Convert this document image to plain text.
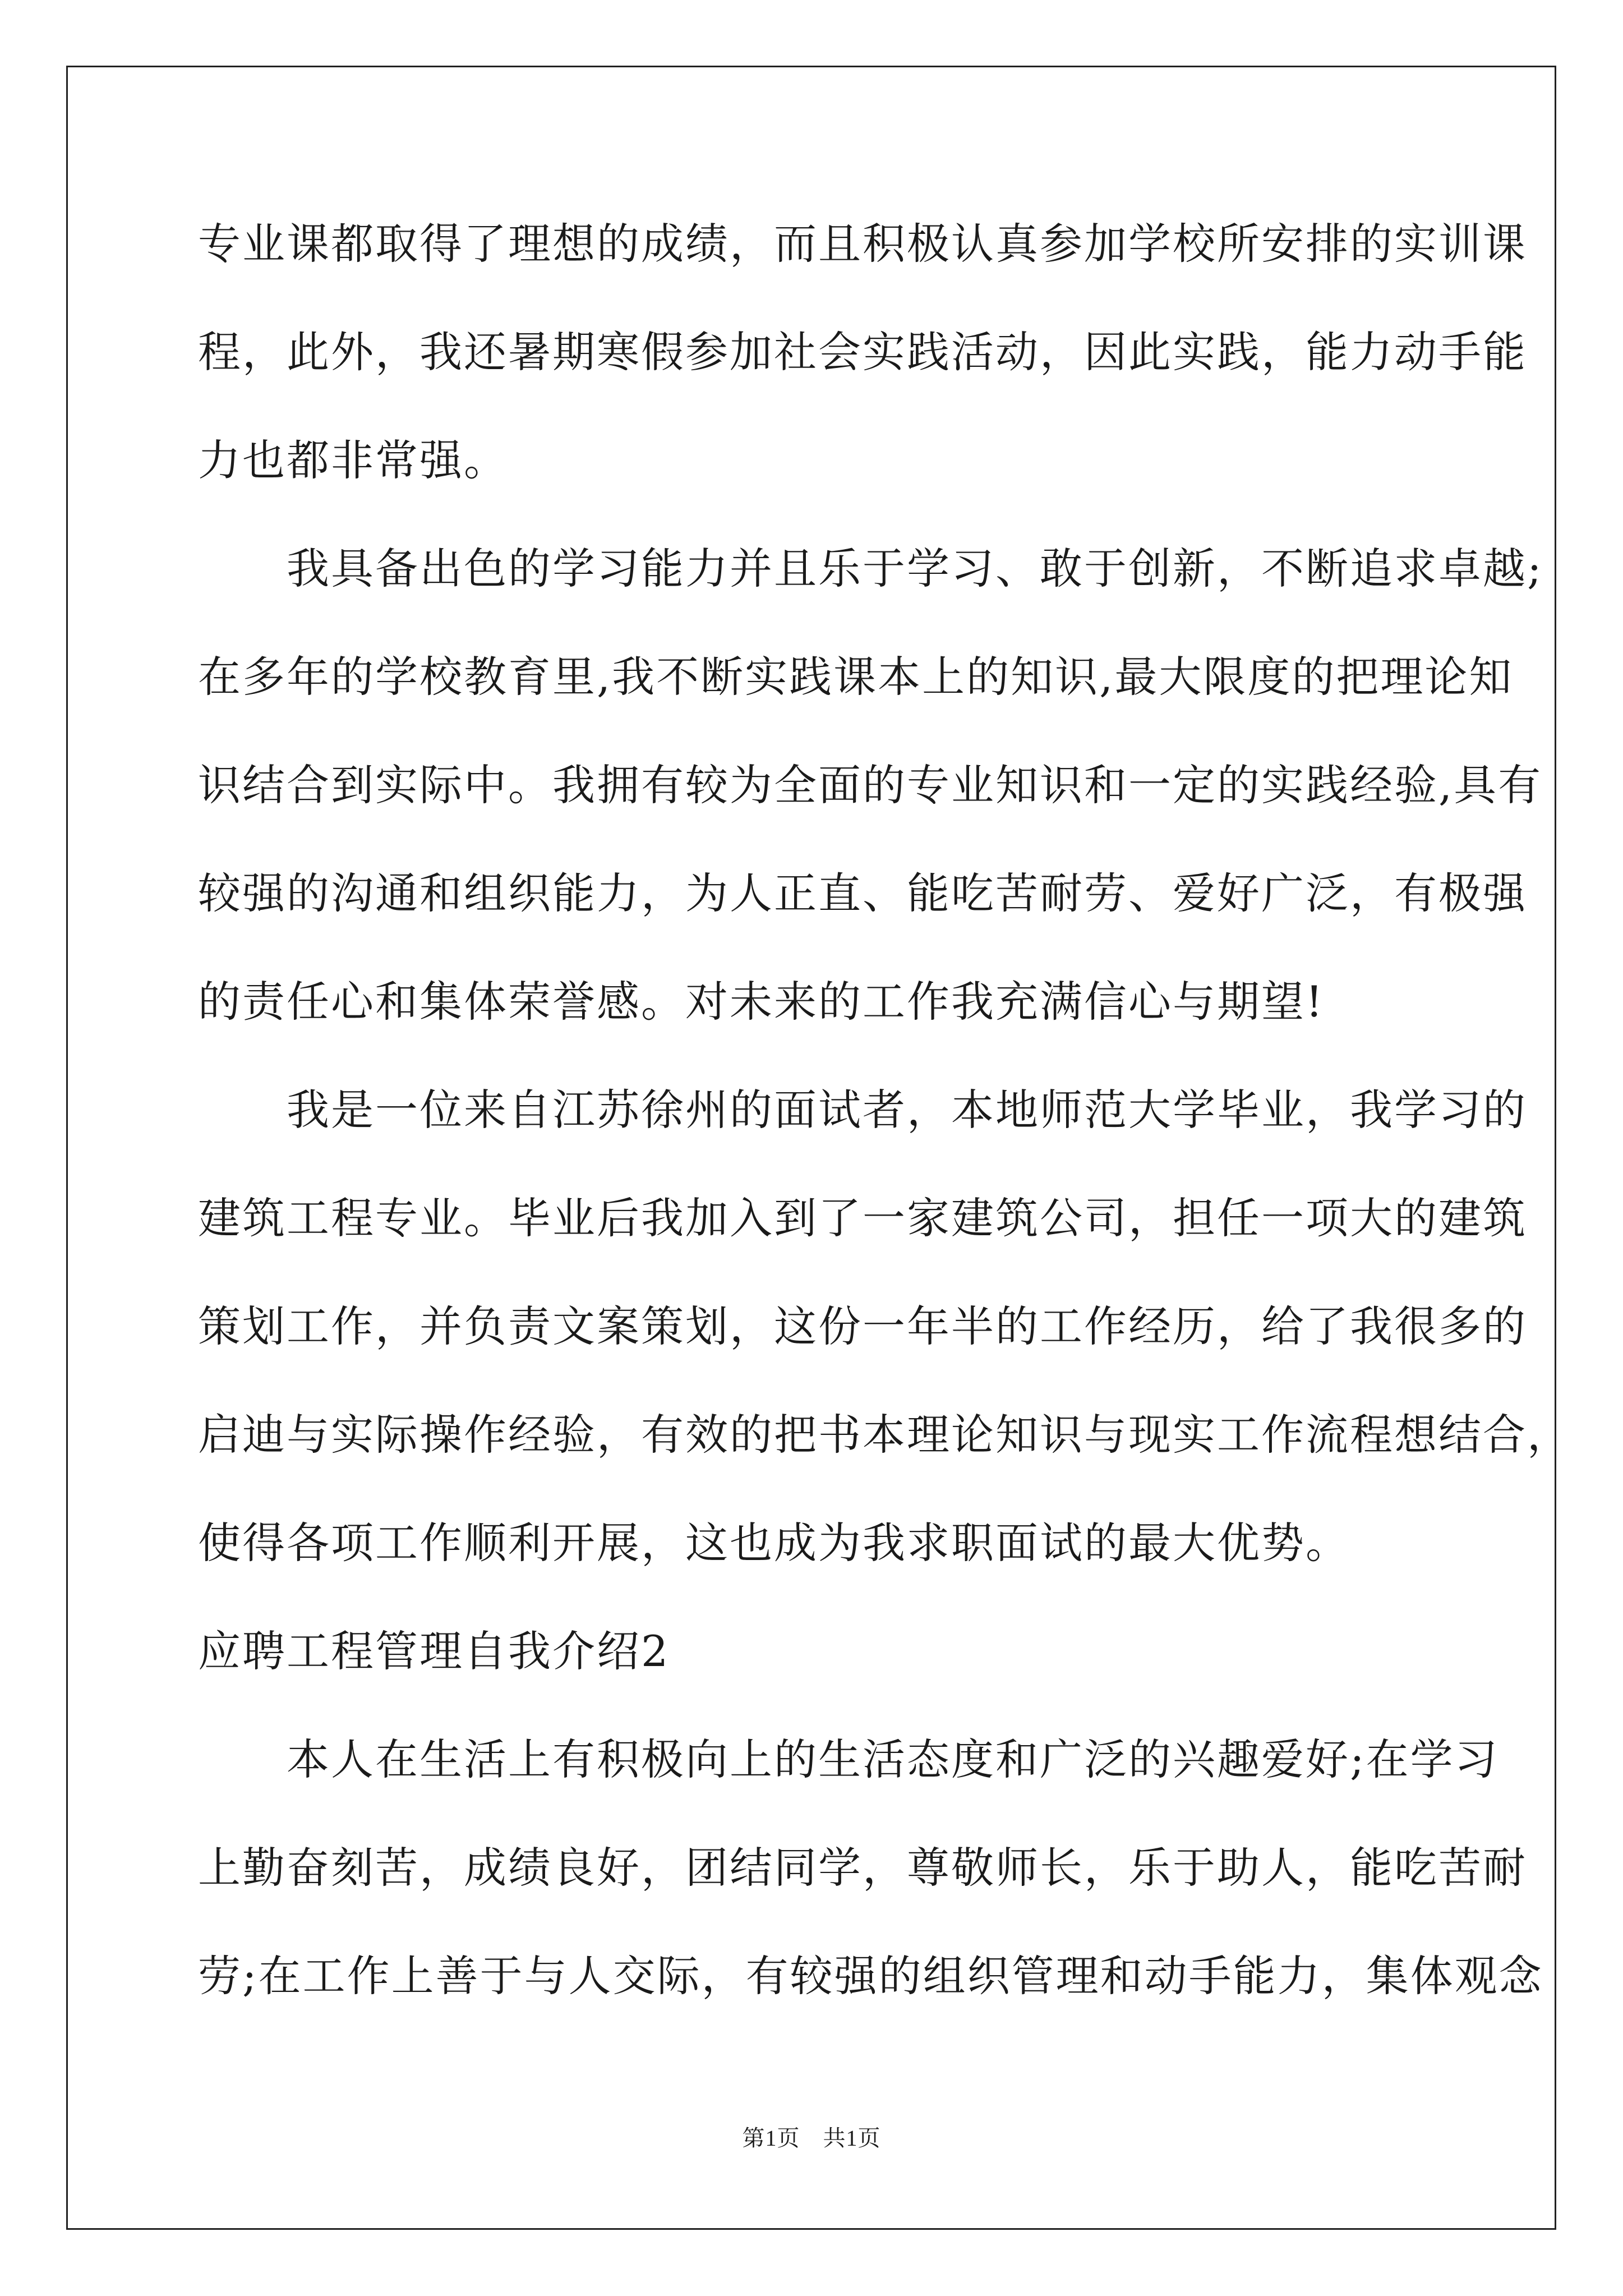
专业课都取得了理想的成绩，而且积极认真参加学校所安排的实训课
程，此外，我还暑期寒假参加社会实践活动，因此实践，能力动手能
力也都非常强。
　　我具备出色的学习能力并且乐于学习、敢于创新，不断追求卓越;
在多年的学校教育里,我不断实践课本上的知识,最大限度的把理论知
识结合到实际中。我拥有较为全面的专业知识和一定的实践经验,具有
较强的沟通和组织能力，为人正直、能吃苦耐劳、爱好广泛，有极强
的责任心和集体荣誉感。对未来的工作我充满信心与期望!
　　我是一位来自江苏徐州的面试者，本地师范大学毕业，我学习的
建筑工程专业。毕业后我加入到了一家建筑公司，担任一项大的建筑
策划工作，并负责文案策划，这份一年半的工作经历，给了我很多的
启迪与实际操作经验，有效的把书本理论知识与现实工作流程想结合，
使得各项工作顺利开展，这也成为我求职面试的最大优势。
应聘工程管理自我介绍2
　　本人在生活上有积极向上的生活态度和广泛的兴趣爱好;在学习
上勤奋刻苦，成绩良好，团结同学，尊敬师长，乐于助人，能吃苦耐
劳;在工作上善于与人交际，有较强的组织管理和动手能力，集体观念
第1页　共1页
